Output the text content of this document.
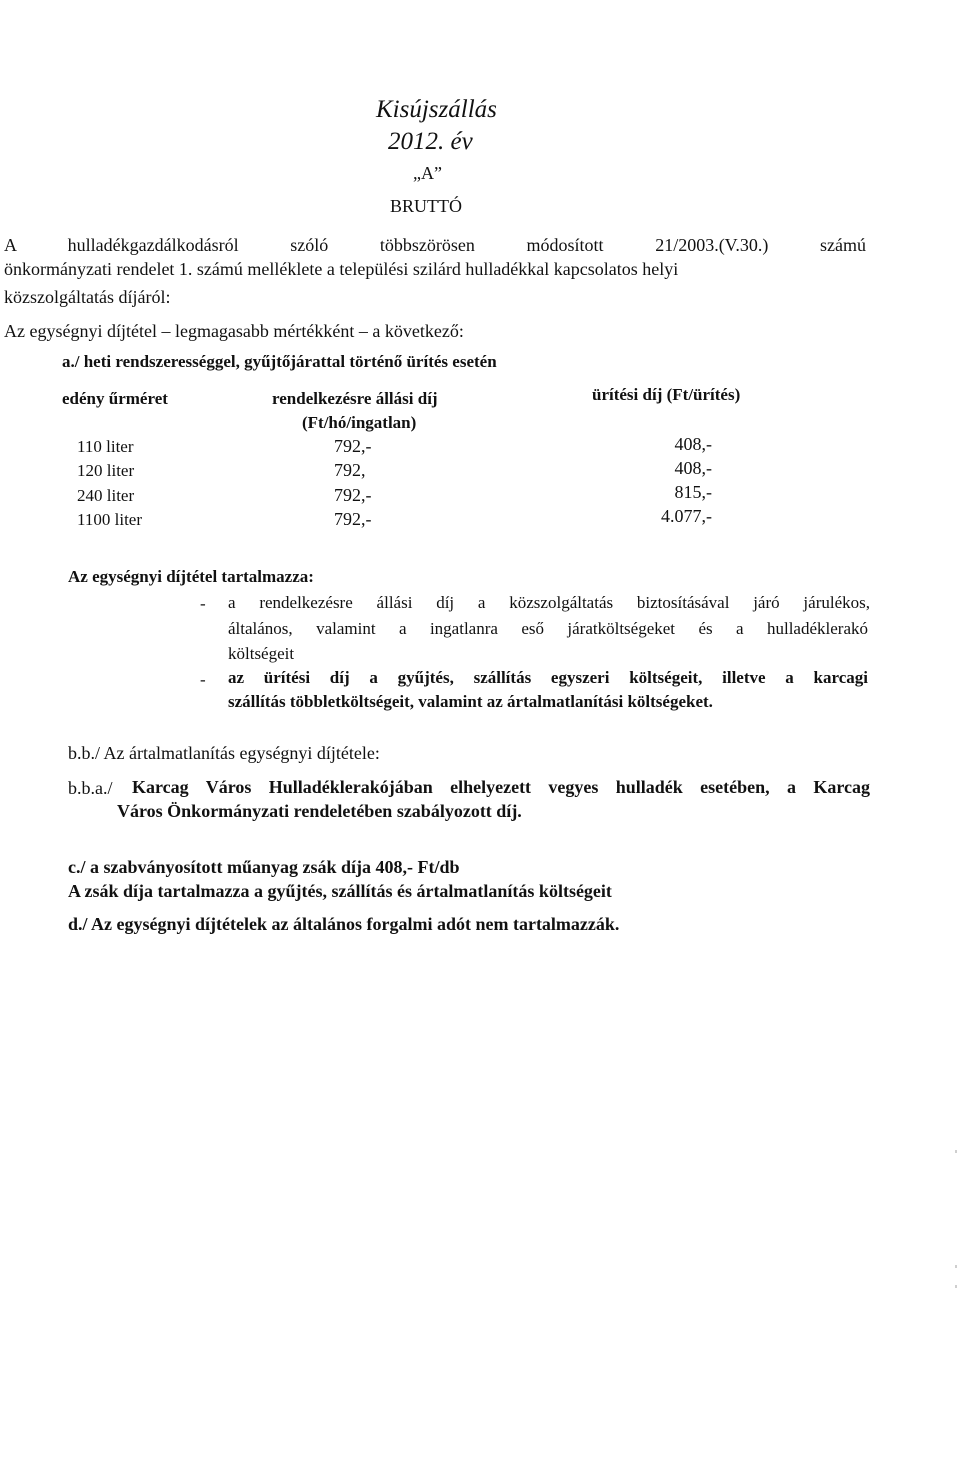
Kisújszállás
2012. év
„A”
BRUTTÓ
A hulladékgazdálkodásról szóló többszörösen módosított 21/2003.(V.30.) számú
önkormányzati rendelet 1. számú melléklete a települési szilárd hulladékkal kapcsolatos helyi
közszolgáltatás díjáról:
Az egységnyi díjtétel – legmagasabb mértékként – a következő:
a./ heti rendszerességgel, gyűjtőjárattal történő ürítés esetén
edény űrméret	rendelkezésre állási díj
(Ft/hó/ingatlan)
ürítési díj (Ft/ürítés)
110 liter	792,-	408,-
120 liter	792,	408,-
240 liter	792,-	815,-
1100 liter	792,-	4.077,-
Az egységnyi díjtétel tartalmazza:
- a rendelkezésre állási díj a közszolgáltatás biztosításával járó járulékos,
általános, valamint a ingatlanra eső járatköltségeket és a hulladéklerakó
költségeit
- az ürítési díj a gyűjtés, szállítás egyszeri költségeit, illetve a karcagi
szállítás többletköltségeit, valamint az ártalmatlanítási költségeket.
b.b./ Az ártalmatlanítás egységnyi díjtétele:
b.b.a./ Karcag Város Hulladéklerakójában elhelyezett vegyes hulladék esetében, a Karcag
Város Önkormányzati rendeletében szabályozott díj.
c./ a szabványosított műanyag zsák díja 408,- Ft/db
A zsák díja tartalmazza a gyűjtés, szállítás és ártalmatlanítás költségeit
d./ Az egységnyi díjtételek az általános forgalmi adót nem tartalmazzák.
